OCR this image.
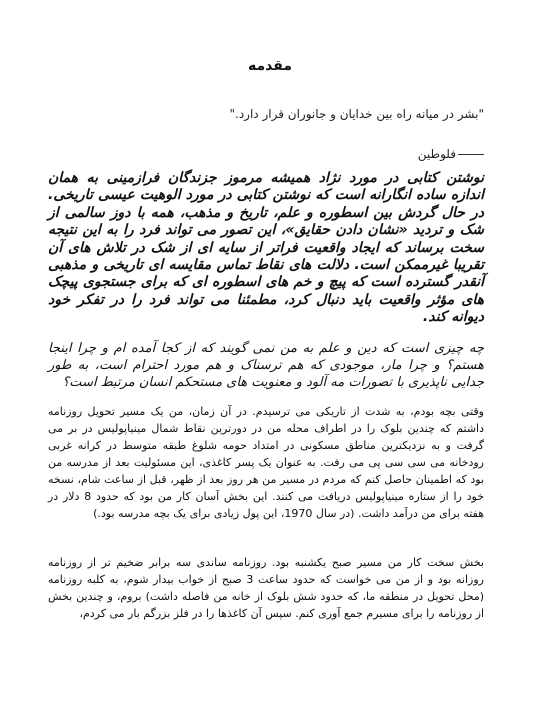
مقدمه
"بشر در میانه راه بین خدایان و جانوران قرار دارد."
فلوطین
نوشتن کتابی در مورد نژاد همیشه مرموز جزندگان فرازمینی به همان اندازه ساده انگارانه است که نوشتن کتابی در مورد الوهیت عیسی تاریخی. در حال گردش بین اسطوره و علم، تاریخ و مذهب، همه با دوز سالمی از شک و تردید «نشان دادن حقایق»، این تصور می تواند فرد را به این نتیجه سخت برساند که ایجاد واقعیت فراتر از سایه ای از شک در تلاش های آن تقریبا غیرممکن است. دلالت های نقاط تماس مقایسه ای تاریخی و مذهبی آنقدر گسترده است که پیچ و خم های اسطوره ای که برای جستجوی پیچک های مؤثر واقعیت باید دنبال کرد، مطمئنا می تواند فرد را در تفکر خود دیوانه کند.
چه چیزی است که دین و علم به من نمی گویند که از کجا آمده ام و چرا اینجا هستم؟ و چرا مار، موجودی که هم ترسناک و هم مورد احترام است، به طور جدایی ناپذیری با تصورات مه آلود و معنویت های مستحکم انسان مرتبط است؟
وقتی بچه بودم، به شدت از تاریکی می ترسیدم. در آن زمان، من یک مسیر تحویل روزنامه داشتم که چندین بلوک را در اطراف محله من در دورترین نقاط شمال مینیاپولیس در بر می گرفت و به نزدیکترین مناطق مسکونی در امتداد حومه شلوغ طبقه متوسط در کرانه غربی رودخانه می سی سی پی می رفت. به عنوان یک پسر کاغذی، این مسئولیت بعد از مدرسه من بود که اطمینان حاصل کنم که مردم در مسیر من هر روز بعد از ظهر، قبل از ساعت شام، نسخه خود را از ستاره مینیاپولیس دریافت می کنند. این بخش آسان کار من بود که حدود 8 دلار در هفته برای من درآمد داشت. (در سال 1970، این پول زیادی برای یک بچه مدرسه بود.)
بخش سخت کار من مسیر صبح یکشنبه بود. روزنامه ساندی سه برابر ضخیم تر از روزنامه روزانه بود و از من می خواست که حدود ساعت 3 صبح از خواب بیدار شوم، به کلبه روزنامه (محل تحویل در منطقه ما، که حدود شش بلوک از خانه من فاصله داشت) بروم، و چندین بخش از روزنامه را برای مسیرم جمع آوری کنم. سپس آن کاغذها را در فلز بزرگم بار می کردم،
